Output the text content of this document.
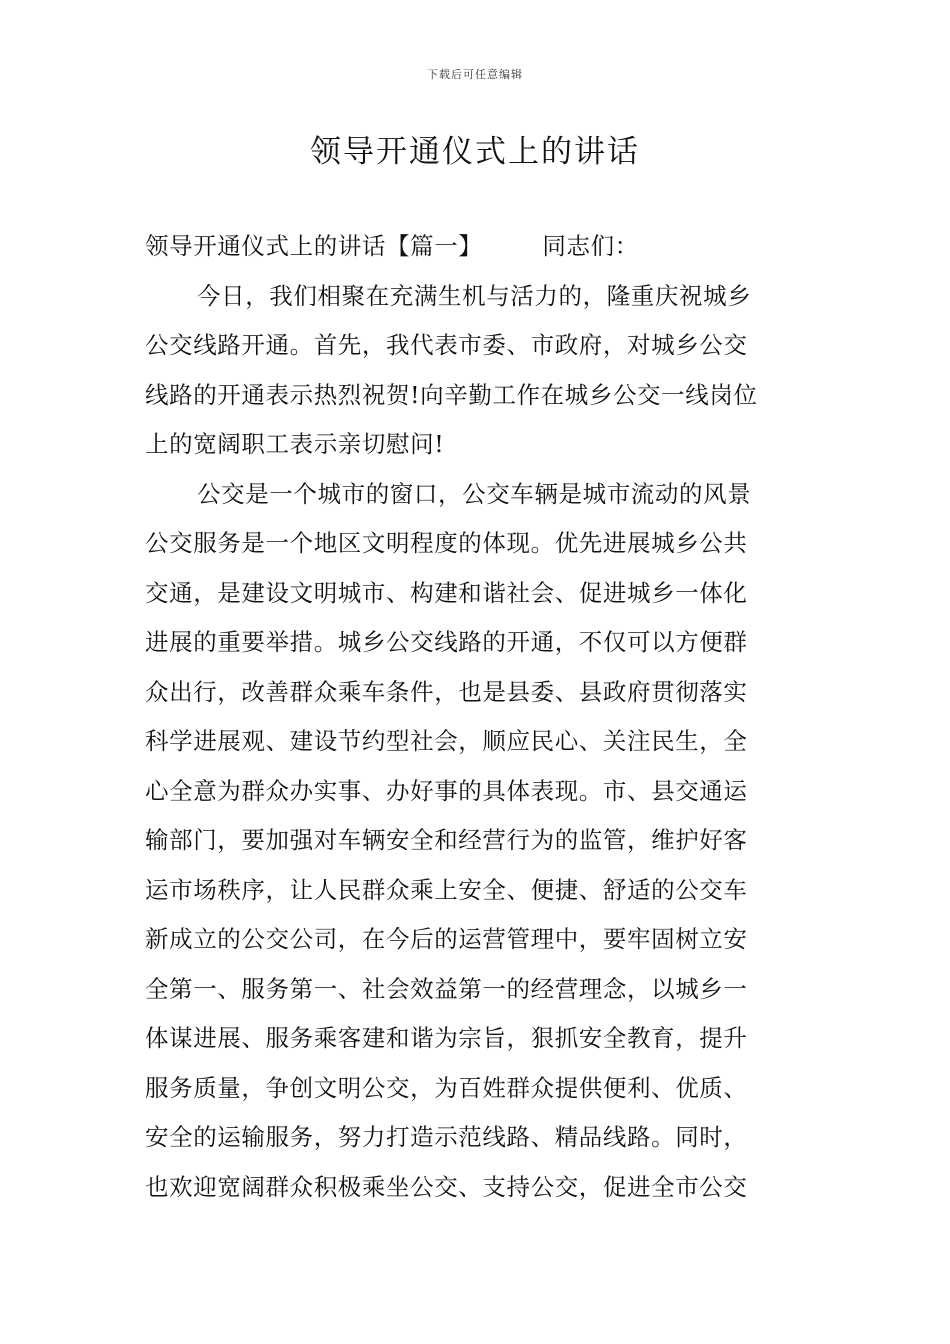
下载后可任意编辑
领导开通仪式上的讲话
领导开通仪式上的讲话【篇一】	同志们：
今日，我们相聚在充满生机与活力的，隆重庆祝城乡
公交线路开通。首先，我代表市委、市政府，对城乡公交
线路的开通表示热烈祝贺!向辛勤工作在城乡公交一线岗位
上的宽阔职工表示亲切慰问!
公交是一个城市的窗口，公交车辆是城市流动的风景
公交服务是一个地区文明程度的体现。优先进展城乡公共
交通，是建设文明城市、构建和谐社会、促进城乡一体化
进展的重要举措。城乡公交线路的开通，不仅可以方便群
众出行，改善群众乘车条件，也是县委、县政府贯彻落实
科学进展观、建设节约型社会，顺应民心、关注民生，全
心全意为群众办实事、办好事的具体表现。市、县交通运
输部门，要加强对车辆安全和经营行为的监管，维护好客
运市场秩序，让人民群众乘上安全、便捷、舒适的公交车
新成立的公交公司，在今后的运营管理中，要牢固树立安
全第一、服务第一、社会效益第一的经营理念，以城乡一
体谋进展、服务乘客建和谐为宗旨，狠抓安全教育，提升
服务质量，争创文明公交，为百姓群众提供便利、优质、
安全的运输服务，努力打造示范线路、精品线路。同时，
也欢迎宽阔群众积极乘坐公交、支持公交，促进全市公交
